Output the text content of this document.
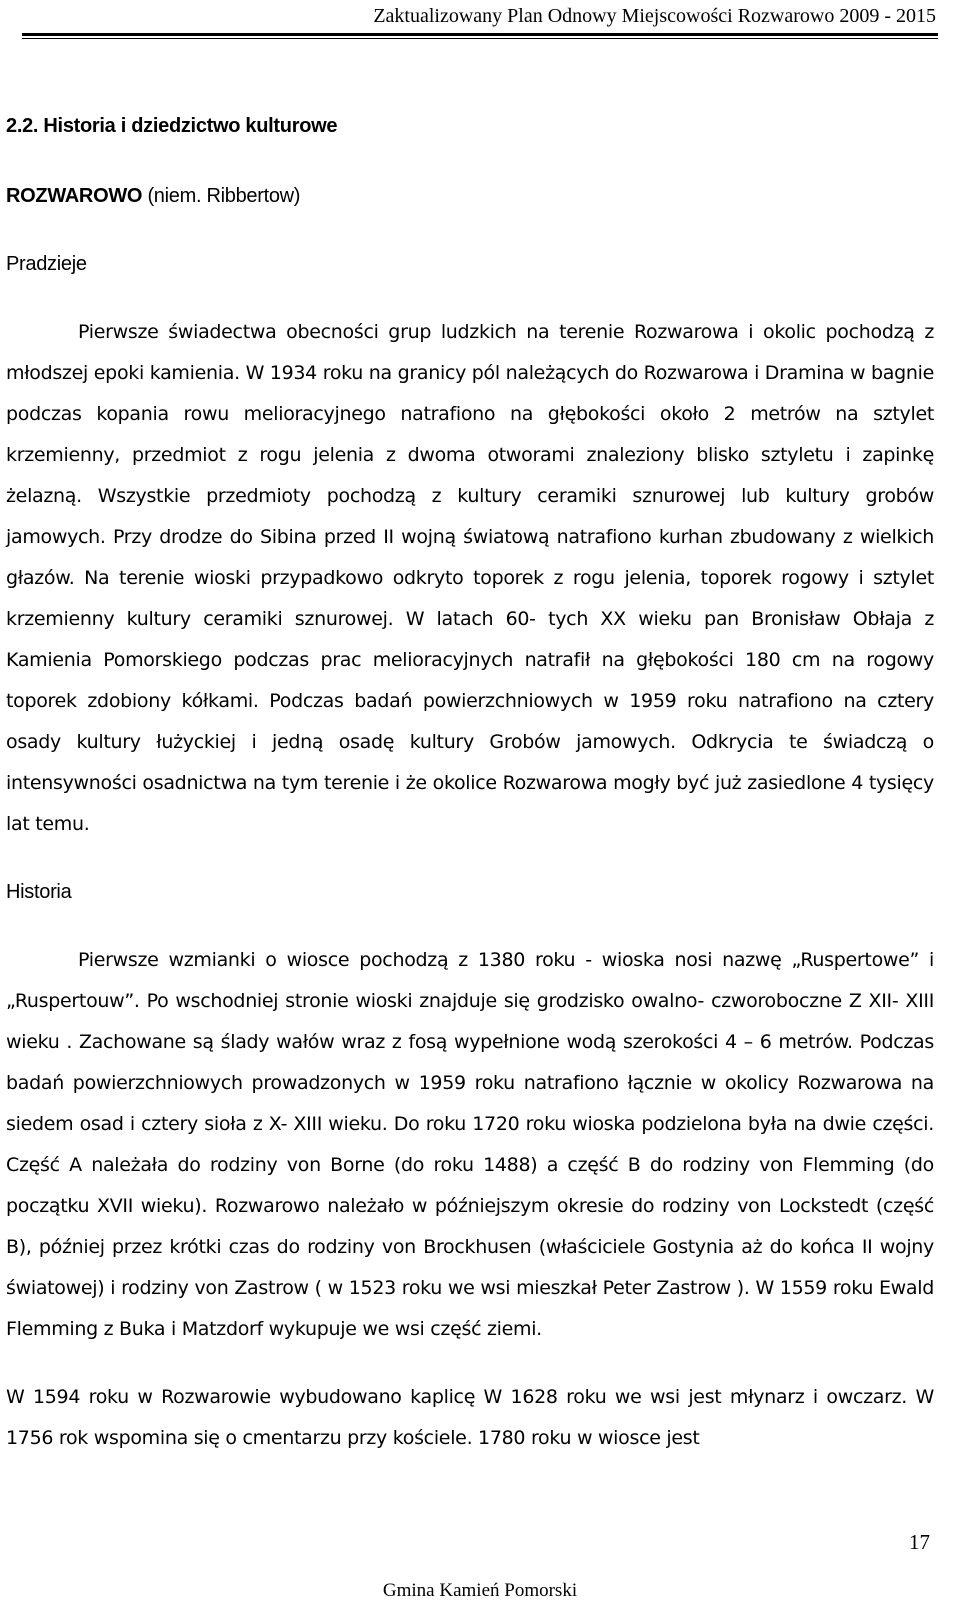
Zaktualizowany Plan Odnowy Miejscowości Rozwarowo 2009 - 2015
2.2. Historia i dziedzictwo kulturowe
ROZWAROWO (niem. Ribbertow)
Pradzieje

Pierwsze świadectwa obecności grup ludzkich na terenie Rozwarowa i okolic pochodzą z młodszej epoki kamienia. W 1934 roku na granicy pól należących do Rozwarowa i Dramina w bagnie podczas kopania rowu melioracyjnego natrafiono na głębokości około 2 metrów na sztylet krzemienny, przedmiot z rogu jelenia z dwoma otworami znaleziony blisko sztyletu i zapinkę żelazną. Wszystkie przedmioty pochodzą z kultury ceramiki sznurowej lub kultury grobów jamowych. Przy drodze do Sibina przed II wojną światową natrafiono kurhan zbudowany z wielkich głazów. Na terenie wioski przypadkowo odkryto toporek z rogu jelenia, toporek rogowy i sztylet krzemienny kultury ceramiki sznurowej. W latach 60- tych XX wieku pan Bronisław Obłaja z Kamienia Pomorskiego podczas prac melioracyjnych natrafił na głębokości 180 cm na rogowy toporek zdobiony kółkami. Podczas badań powierzchniowych w 1959 roku natrafiono na cztery osady kultury łużyckiej i jedną osadę kultury Grobów jamowych. Odkrycia te świadczą o intensywności osadnictwa na tym terenie i że okolice Rozwarowa mogły być już zasiedlone 4 tysięcy lat temu.

Historia

Pierwsze wzmianki o wiosce pochodzą z 1380 roku - wioska nosi nazwę „Ruspertowe” i „Ruspertouw”. Po wschodniej stronie wioski znajduje się grodzisko owalno- czworoboczne Z XII- XIII wieku . Zachowane są ślady wałów wraz z fosą wypełnione wodą szerokości 4 – 6 metrów. Podczas badań powierzchniowych prowadzonych w 1959 roku natrafiono łącznie w okolicy Rozwarowa na siedem osad i cztery sioła z X- XIII wieku. Do roku 1720 roku wioska podzielona była na dwie części. Część A należała do rodziny von Borne (do roku 1488) a część B do rodziny von Flemming (do początku XVII wieku). Rozwarowo należało w późniejszym okresie do rodziny von Lockstedt (część B), później przez krótki czas do rodziny von Brockhusen (właściciele Gostynia aż do końca II wojny światowej) i rodziny von Zastrow ( w 1523 roku we wsi mieszkał Peter Zastrow ). W 1559 roku Ewald Flemming z Buka i Matzdorf wykupuje we wsi część ziemi.

W 1594 roku w Rozwarowie wybudowano kaplicę W 1628 roku we wsi jest młynarz i owczarz. W 1756 rok wspomina się o cmentarzu przy kościele. 1780 roku w wiosce jest

17
Gmina Kamień Pomorski
